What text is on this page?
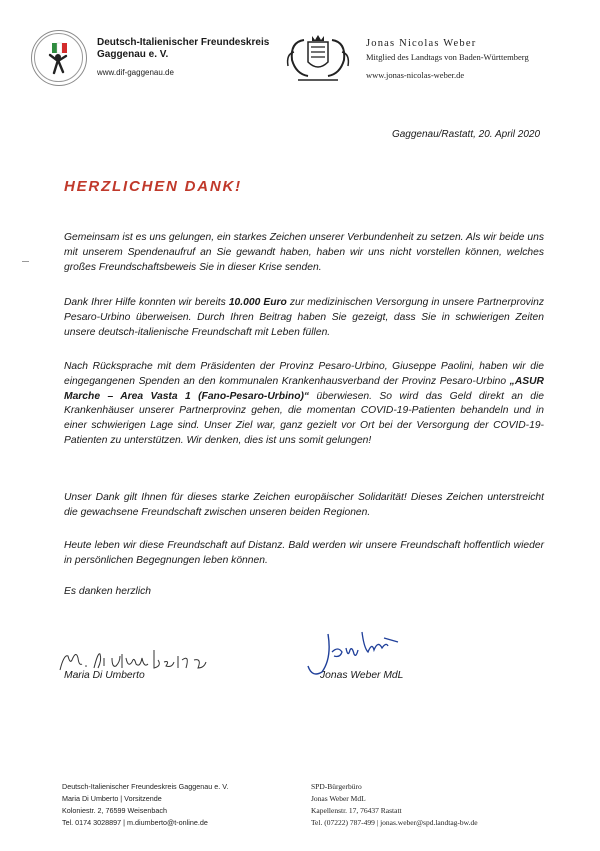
Deutsch-Italienischer Freundeskreis
Gaggenau e. V.
www.dif-gaggenau.de
Jonas Nicolas Weber
Mitglied des Landtags von Baden-Württemberg
www.jonas-nicolas-weber.de
Gaggenau/Rastatt, 20. April 2020
HERZLICHEN DANK!

Gemeinsam ist es uns gelungen, ein starkes Zeichen unserer Verbundenheit zu setzen. Als wir beide uns mit unserem Spendenaufruf an Sie gewandt haben, haben wir uns nicht vorstellen können, welches großes Freundschaftsbeweis Sie in dieser Krise senden.

Dank Ihrer Hilfe konnten wir bereits 10.000 Euro zur medizinischen Versorgung in unsere Partnerprovinz Pesaro-Urbino überweisen. Durch Ihren Beitrag haben Sie gezeigt, dass Sie in schwierigen Zeiten unsere deutsch-italienische Freundschaft mit Leben füllen.

Nach Rücksprache mit dem Präsidenten der Provinz Pesaro-Urbino, Giuseppe Paolini, haben wir die eingegangenen Spenden an den kommunalen Krankenhausverband der Provinz Pesaro-Urbino „ASUR Marche – Area Vasta 1 (Fano-Pesaro-Urbino)“ überwiesen. So wird das Geld direkt an die Krankenhäuser unserer Partnerprovinz gehen, die momentan COVID-19-Patienten behandeln und in einer schwierigen Lage sind. Unser Ziel war, ganz gezielt vor Ort bei der Versorgung der COVID-19-Patienten zu unterstützen. Wir denken, dies ist uns somit gelungen!

Unser Dank gilt Ihnen für dieses starke Zeichen europäischer Solidarität! Dieses Zeichen unterstreicht die gewachsene Freundschaft zwischen unseren beiden Regionen.

Heute leben wir diese Freundschaft auf Distanz. Bald werden wir unsere Freundschaft hoffentlich wieder in persönlichen Begegnungen leben können.

Es danken herzlich
Maria Di Umberto	Jonas Weber MdL
Deutsch-Italienischer Freundeskreis Gaggenau e. V.
Maria Di Umberto | Vorsitzende
Koloniestr. 2, 76599 Weisenbach
Tel. 0174 3028897 | m.diumberto@t-online.de
SPD-Bürgerbüro
Jonas Weber MdL
Kapellenstr. 17, 76437 Rastatt
Tel. (07222) 787-499 | jonas.weber@spd.landtag-bw.de
